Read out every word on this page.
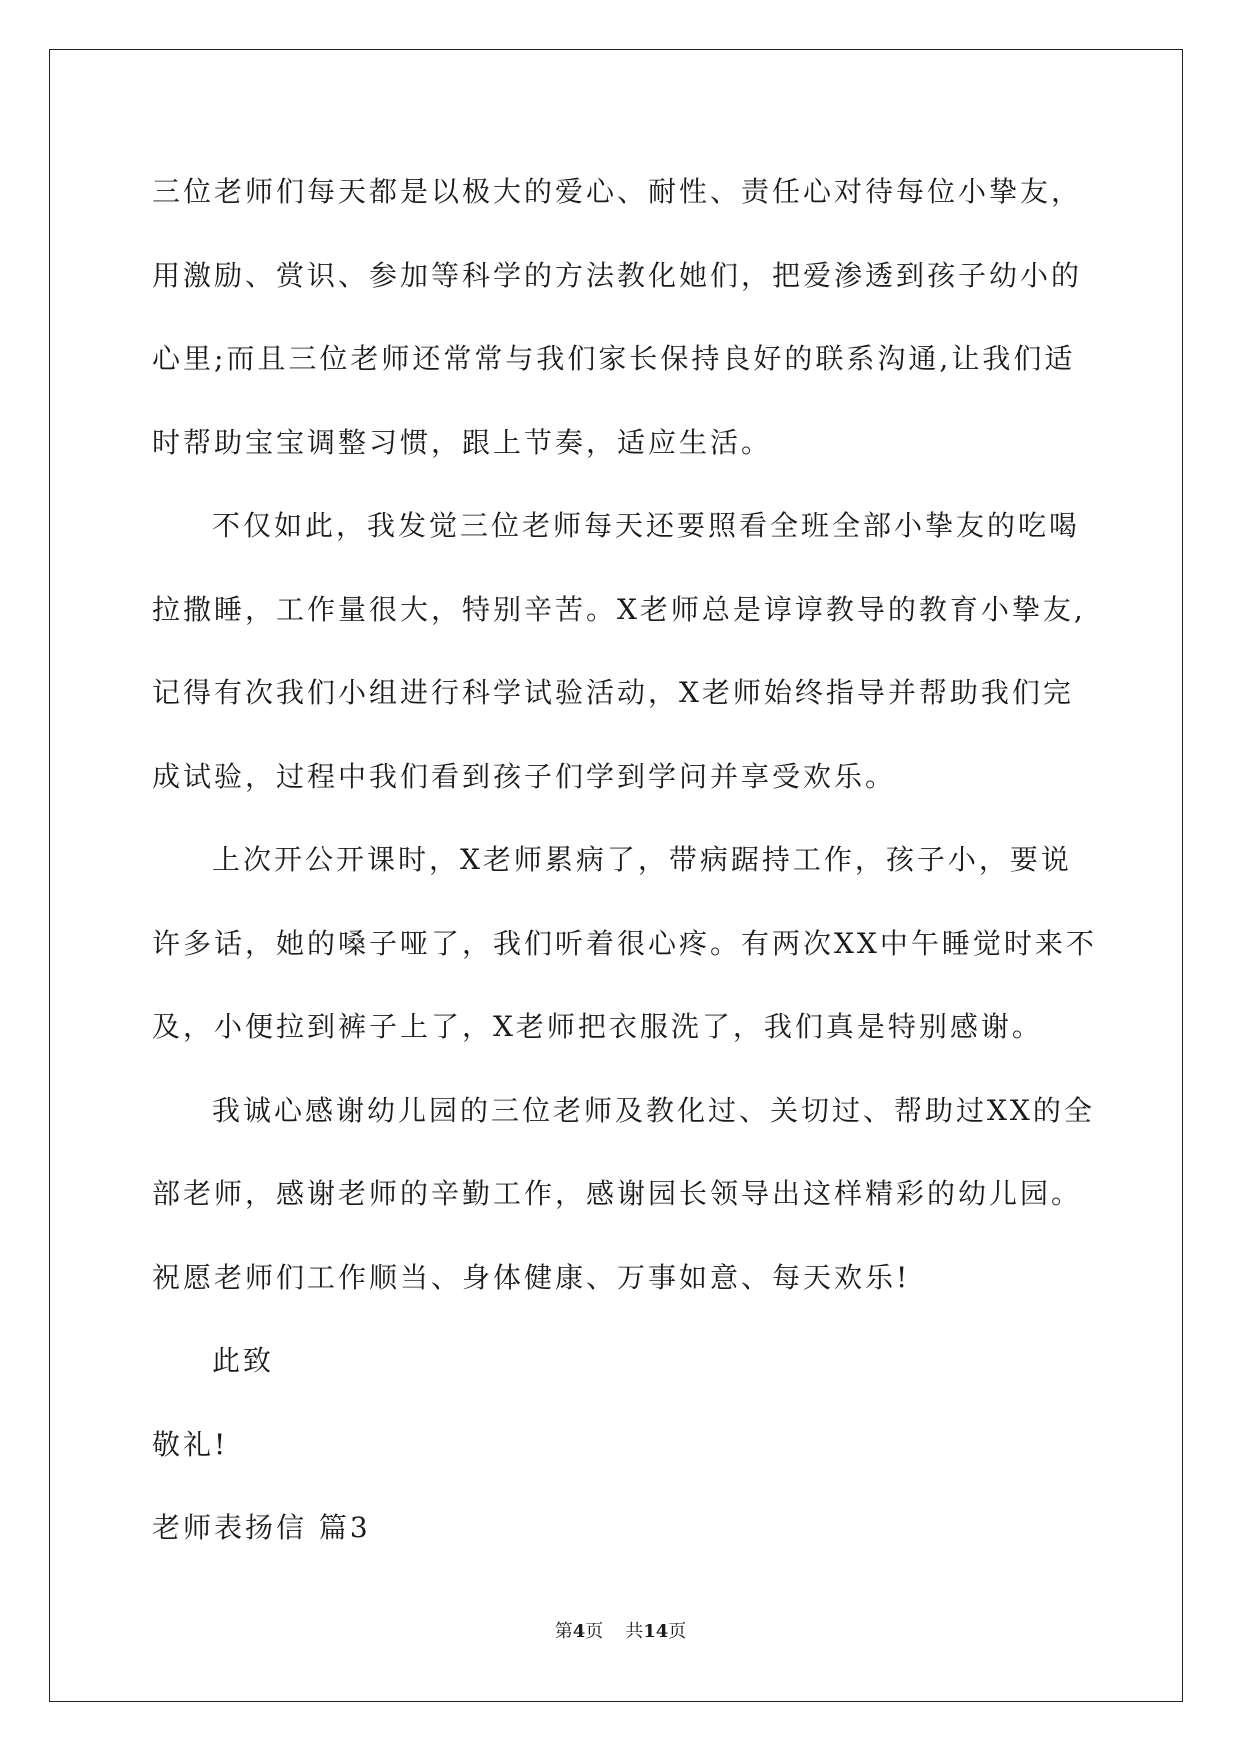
三位老师们每天都是以极大的爱心、耐性、责任心对待每位小挚友，
用激励、赏识、参加等科学的方法教化她们，把爱渗透到孩子幼小的
心里;而且三位老师还常常与我们家长保持良好的联系沟通,让我们适
时帮助宝宝调整习惯，跟上节奏，适应生活。
不仅如此，我发觉三位老师每天还要照看全班全部小挚友的吃喝
拉撒睡，工作量很大，特别辛苦。X老师总是谆谆教导的教育小挚友,
记得有次我们小组进行科学试验活动，X老师始终指导并帮助我们完
成试验，过程中我们看到孩子们学到学问并享受欢乐。
上次开公开课时，X老师累病了，带病踞持工作，孩子小，要说
许多话，她的嗓子哑了，我们听着很心疼。有两次XX中午睡觉时来不
及，小便拉到裤子上了，X老师把衣服洗了，我们真是特别感谢。
我诚心感谢幼儿园的三位老师及教化过、关切过、帮助过XX的全
部老师，感谢老师的辛勤工作，感谢园长领导出这样精彩的幼儿园。
祝愿老师们工作顺当、身体健康、万事如意、每天欢乐!
此致
敬礼!
老师表扬信 篇3
第4页 共14页
